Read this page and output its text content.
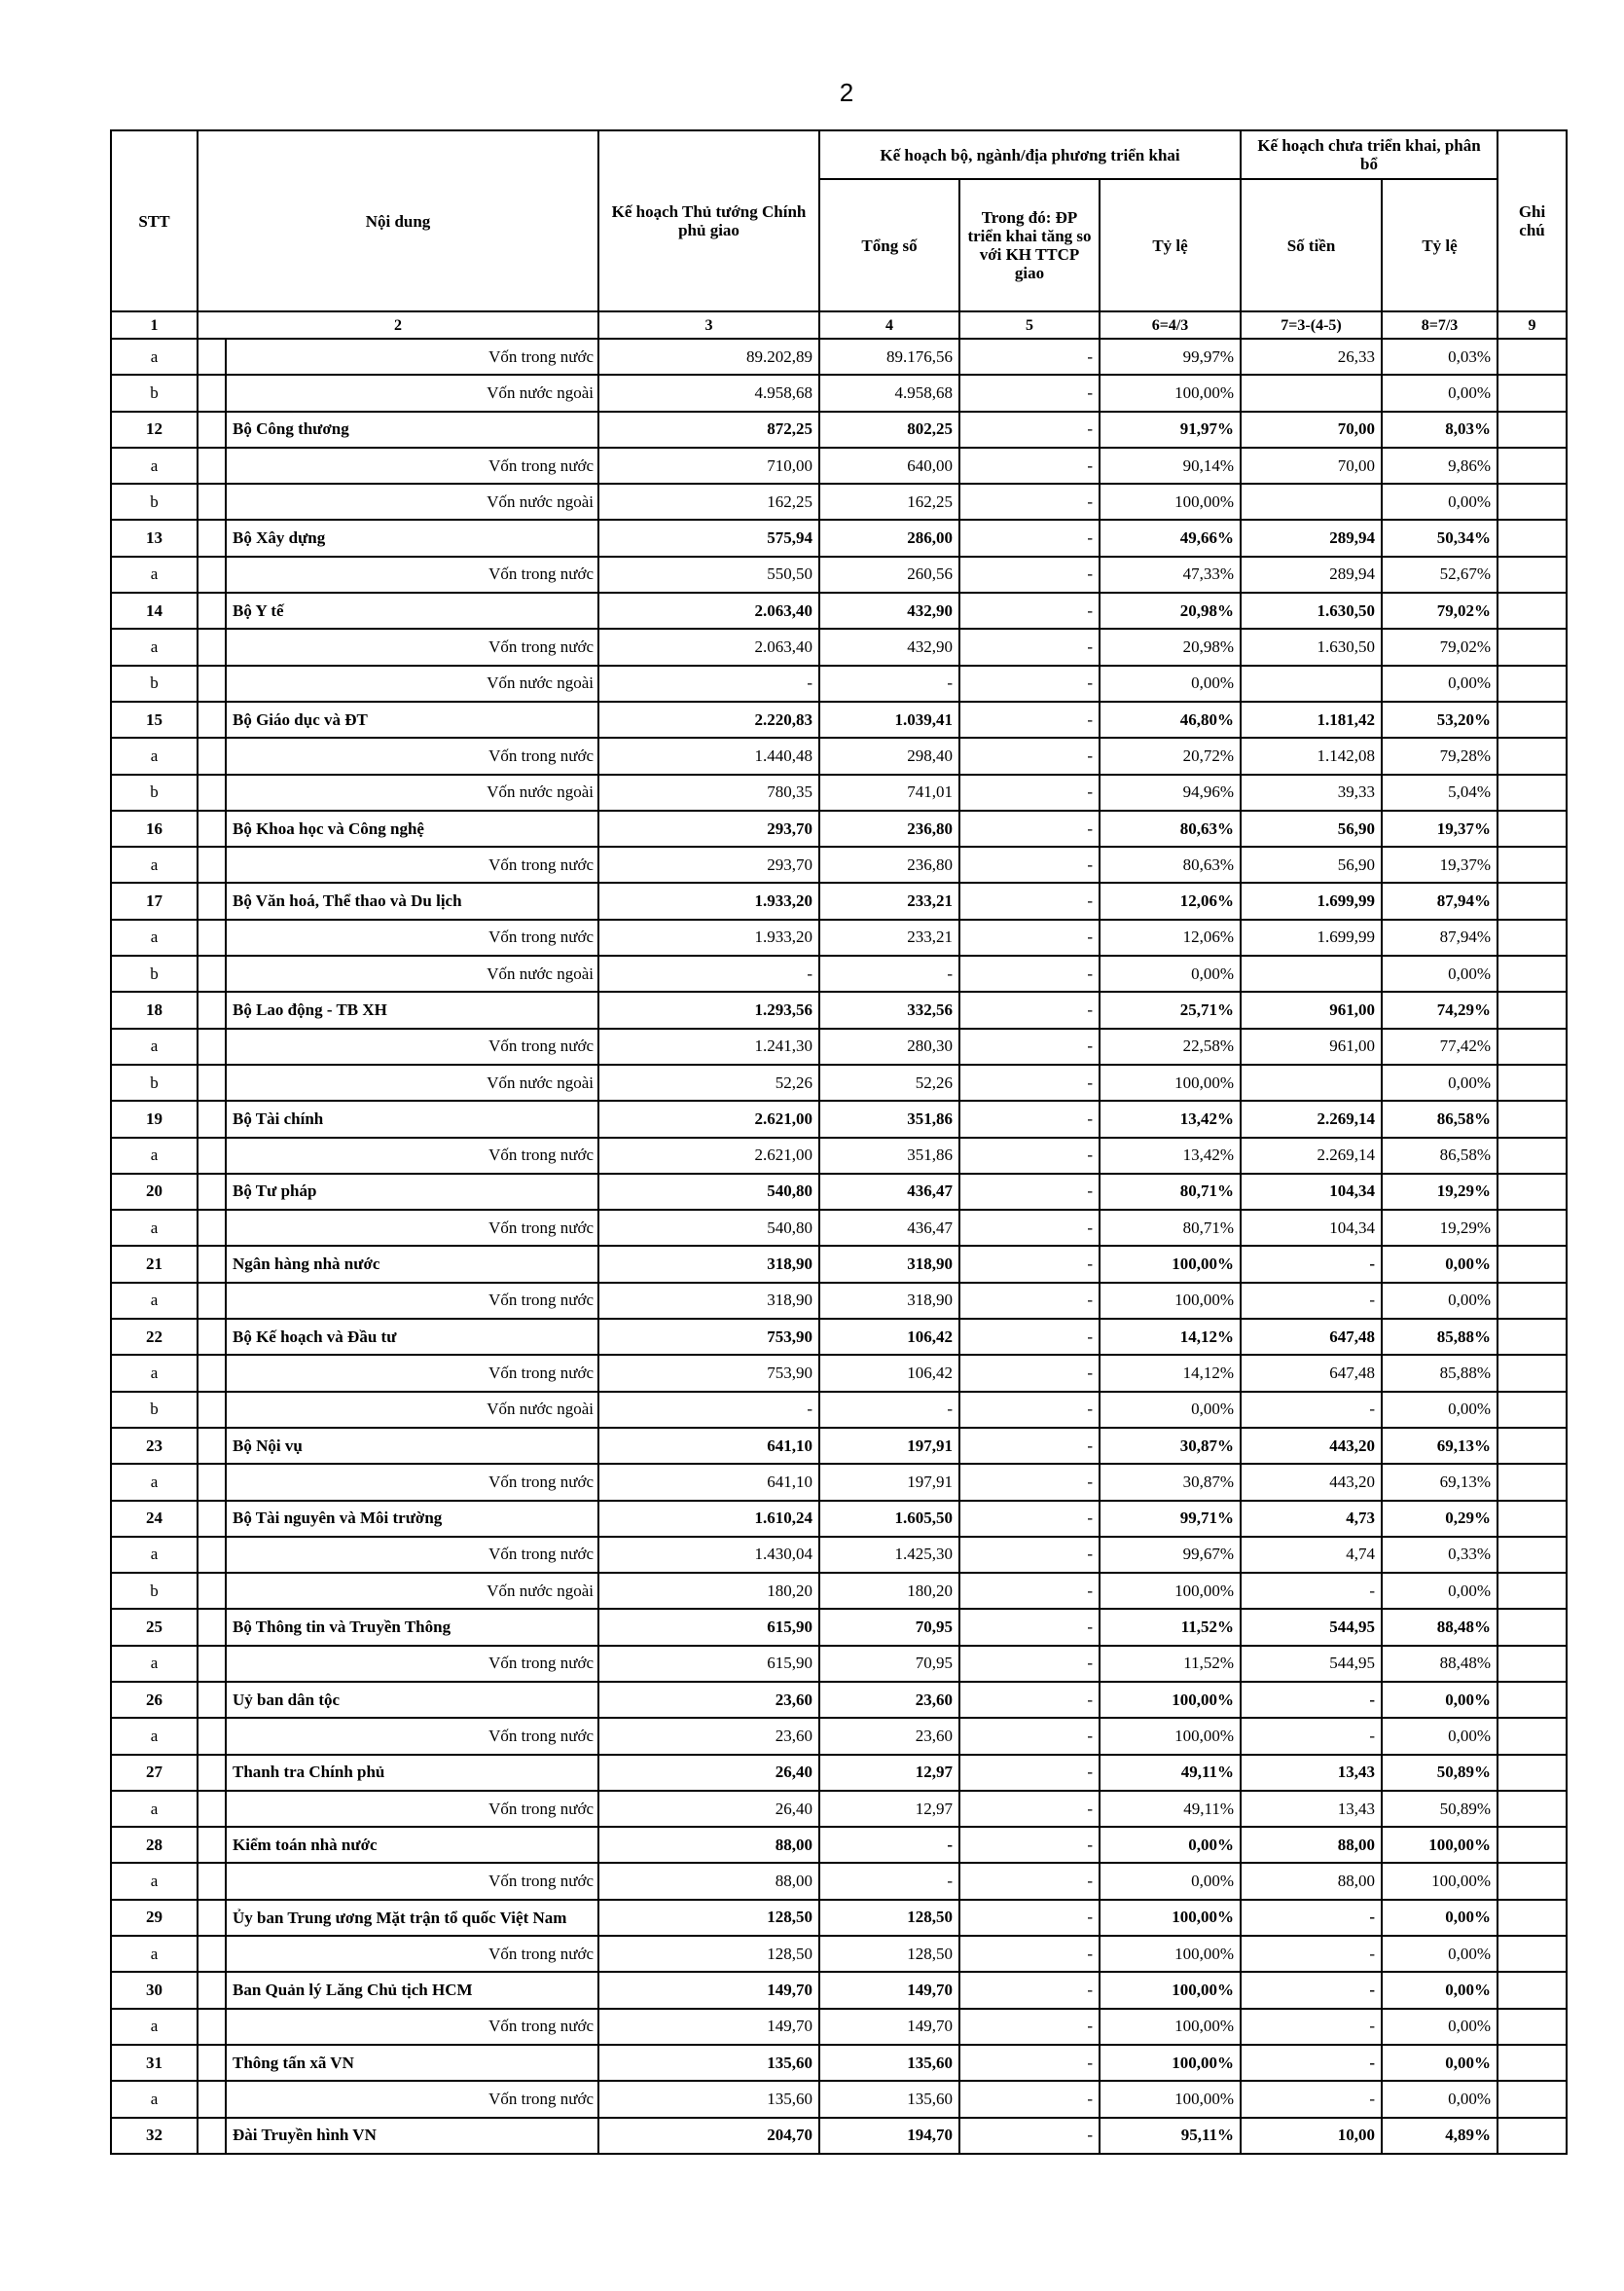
2
STT	Nội dung		Kế hoạch Thủ tướng Chính phủ giao	Kế hoạch bộ, ngành/địa phương triển khai			Kế hoạch chưa triển khai, phân bổ		Ghi chú
				Tổng số	Trong đó: ĐP triển khai tăng so với KH TTCP giao	Tỷ lệ	Số tiền	Tỷ lệ	
1	2		3	4	5	6=4/3	7=3-(4-5)	8=7/3	9
a		Vốn trong nước	89.202,89	89.176,56	-	99,97%	26,33	0,03%	
b		Vốn nước ngoài	4.958,68	4.958,68	-	100,00%		0,00%	
12		Bộ Công thương	872,25	802,25	-	91,97%	70,00	8,03%	
a		Vốn trong nước	710,00	640,00	-	90,14%	70,00	9,86%	
b		Vốn nước ngoài	162,25	162,25	-	100,00%		0,00%	
13		Bộ Xây dựng	575,94	286,00	-	49,66%	289,94	50,34%	
a		Vốn trong nước	550,50	260,56	-	47,33%	289,94	52,67%	
14		Bộ Y tế	2.063,40	432,90	-	20,98%	1.630,50	79,02%	
a		Vốn trong nước	2.063,40	432,90	-	20,98%	1.630,50	79,02%	
b		Vốn nước ngoài	-	-	-	0,00%		0,00%	
15		Bộ Giáo dục và ĐT	2.220,83	1.039,41	-	46,80%	1.181,42	53,20%	
a		Vốn trong nước	1.440,48	298,40	-	20,72%	1.142,08	79,28%	
b		Vốn nước ngoài	780,35	741,01	-	94,96%	39,33	5,04%	
16		Bộ Khoa học và Công nghệ	293,70	236,80	-	80,63%	56,90	19,37%	
a		Vốn trong nước	293,70	236,80	-	80,63%	56,90	19,37%	
17		Bộ Văn hoá, Thể thao và Du lịch	1.933,20	233,21	-	12,06%	1.699,99	87,94%	
a		Vốn trong nước	1.933,20	233,21	-	12,06%	1.699,99	87,94%	
b		Vốn nước ngoài	-	-	-	0,00%		0,00%	
18		Bộ Lao động - TB XH	1.293,56	332,56	-	25,71%	961,00	74,29%	
a		Vốn trong nước	1.241,30	280,30	-	22,58%	961,00	77,42%	
b		Vốn nước ngoài	52,26	52,26	-	100,00%		0,00%	
19		Bộ Tài chính	2.621,00	351,86	-	13,42%	2.269,14	86,58%	
a		Vốn trong nước	2.621,00	351,86	-	13,42%	2.269,14	86,58%	
20		Bộ Tư pháp	540,80	436,47	-	80,71%	104,34	19,29%	
a		Vốn trong nước	540,80	436,47	-	80,71%	104,34	19,29%	
21		Ngân hàng nhà nước	318,90	318,90	-	100,00%	-	0,00%	
a		Vốn trong nước	318,90	318,90	-	100,00%	-	0,00%	
22		Bộ Kế hoạch và Đầu tư	753,90	106,42	-	14,12%	647,48	85,88%	
a		Vốn trong nước	753,90	106,42	-	14,12%	647,48	85,88%	
b		Vốn nước ngoài	-	-	-	0,00%	-	0,00%	
23		Bộ Nội vụ	641,10	197,91	-	30,87%	443,20	69,13%	
a		Vốn trong nước	641,10	197,91	-	30,87%	443,20	69,13%	
24		Bộ Tài nguyên và Môi trường	1.610,24	1.605,50	-	99,71%	4,73	0,29%	
a		Vốn trong nước	1.430,04	1.425,30	-	99,67%	4,74	0,33%	
b		Vốn nước ngoài	180,20	180,20	-	100,00%	-	0,00%	
25		Bộ Thông tin và Truyền Thông	615,90	70,95	-	11,52%	544,95	88,48%	
a		Vốn trong nước	615,90	70,95	-	11,52%	544,95	88,48%	
26		Uỷ ban dân tộc	23,60	23,60	-	100,00%	-	0,00%	
a		Vốn trong nước	23,60	23,60	-	100,00%	-	0,00%	
27		Thanh tra Chính phủ	26,40	12,97	-	49,11%	13,43	50,89%	
a		Vốn trong nước	26,40	12,97	-	49,11%	13,43	50,89%	
28		Kiểm toán nhà nước	88,00	-	-	0,00%	88,00	100,00%	
a		Vốn trong nước	88,00	-	-	0,00%	88,00	100,00%	
29		Ủy ban Trung ương Mặt trận tổ quốc Việt Nam	128,50	128,50	-	100,00%	-	0,00%	
a		Vốn trong nước	128,50	128,50	-	100,00%	-	0,00%	
30		Ban Quản lý Lăng Chủ tịch HCM	149,70	149,70	-	100,00%	-	0,00%	
a		Vốn trong nước	149,70	149,70	-	100,00%	-	0,00%	
31		Thông tấn xã VN	135,60	135,60	-	100,00%	-	0,00%	
a		Vốn trong nước	135,60	135,60	-	100,00%	-	0,00%	
32		Đài Truyền hình VN	204,70	194,70	-	95,11%	10,00	4,89%	
